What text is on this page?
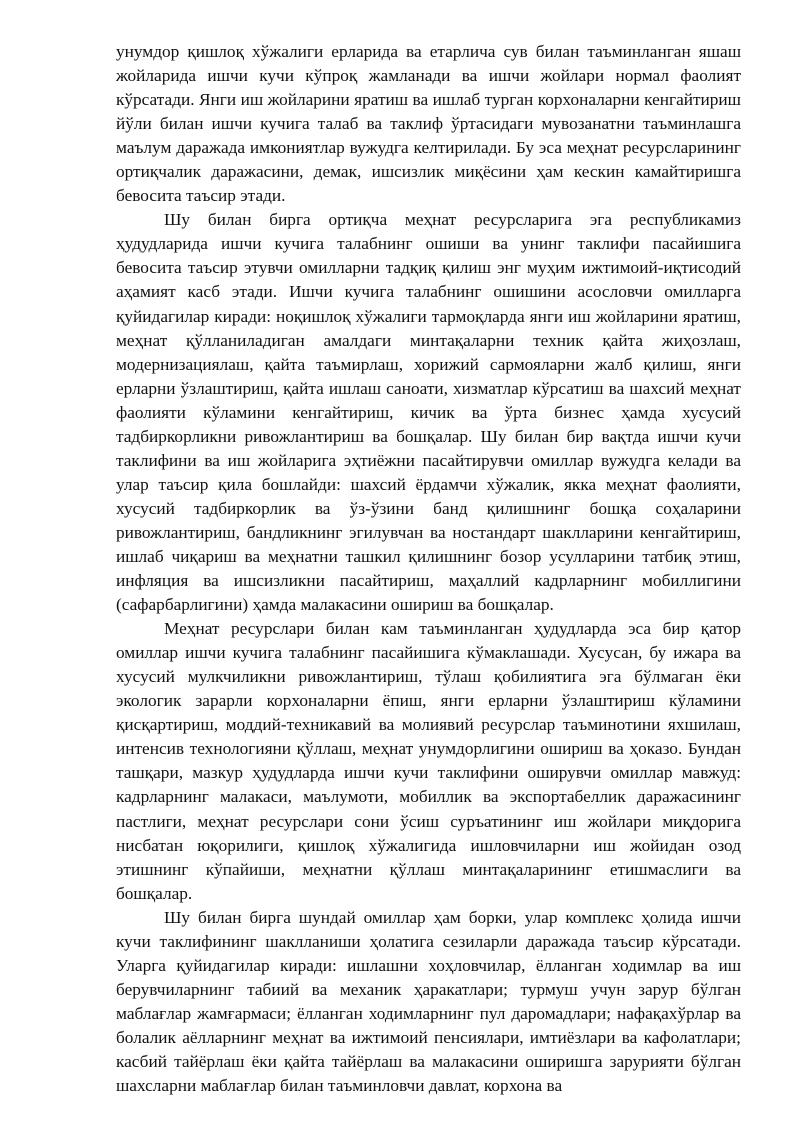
унумдор қишлоқ хўжалиги ерларида ва етарлича сув билан таъминланган яшаш жойларида ишчи кучи кўпроқ жамланади ва ишчи жойлари нормал фаолият кўрсатади. Янги иш жойларини яратиш ва ишлаб турган корхоналарни кенгайтириш йўли билан ишчи кучига талаб ва таклиф ўртасидаги мувозанатни таъминлашга маълум даражада имкониятлар вужудга келтирилади. Бу эса меҳнат ресурсларининг ортиқчалик даражасини, демак, ишсизлик миқёсини ҳам кескин камайтиришга бевосита таъсир этади.

Шу билан бирга ортиқча меҳнат ресурсларига эга республикамиз ҳудудларида ишчи кучига талабнинг ошиши ва унинг таклифи пасайишига бевосита таъсир этувчи омилларни тадқиқ қилиш энг муҳим ижтимоий-иқтисодий аҳамият касб этади. Ишчи кучига талабнинг ошишини асословчи омилларга қуйидагилар киради: ноқишлоқ хўжалиги тармоқларда янги иш жойларини яратиш, меҳнат қўлланиладиган амалдаги минтақаларни техник қайта жиҳозлаш, модернизациялаш, қайта таъмирлаш, хорижий сармояларни жалб қилиш, янги ерларни ўзлаштириш, қайта ишлаш саноати, хизматлар кўрсатиш ва шахсий меҳнат фаолияти кўламини кенгайтириш, кичик ва ўрта бизнес ҳамда хусусий тадбиркорликни ривожлантириш ва бошқалар. Шу билан бир вақтда ишчи кучи таклифини ва иш жойларига эҳтиёжни пасайтирувчи омиллар вужудга келади ва улар таъсир қила бошлайди: шахсий ёрдамчи хўжалик, якка меҳнат фаолияти, хусусий тадбиркорлик ва ўз-ўзини банд қилишнинг бошқа соҳаларини ривожлантириш, бандликнинг эгилувчан ва ностандарт шаклларини кенгайтириш, ишлаб чиқариш ва меҳнатни ташкил қилишнинг бозор усулларини татбиқ этиш, инфляция ва ишсизликни пасайтириш, маҳаллий кадрларнинг мобиллигини (сафарбарлигини) ҳамда малакасини ошириш ва бошқалар.

Меҳнат ресурслари билан кам таъминланган ҳудудларда эса бир қатор омиллар ишчи кучига талабнинг пасайишига кўмаклашади. Хусусан, бу ижара ва хусусий мулкчиликни ривожлантириш, тўлаш қобилиятига эга бўлмаган ёки экологик зарарли корхоналарни ёпиш, янги ерларни ўзлаштириш кўламини қисқартириш, моддий-техникавий ва молиявий ресурслар таъминотини яхшилаш, интенсив технологияни қўллаш, меҳнат унумдорлигини ошириш ва ҳоказо. Бундан ташқари, мазкур ҳудудларда ишчи кучи таклифини оширувчи омиллар мавжуд: кадрларнинг малакаси, маълумоти, мобиллик ва экспортабеллик даражасининг пастлиги, меҳнат ресурслари сони ўсиш суръатининг иш жойлари миқдорига нисбатан юқорилиги, қишлоқ хўжалигида ишловчиларни иш жойидан озод этишнинг кўпайиши, меҳнатни қўллаш минтақаларининг етишмаслиги ва бошқалар.

Шу билан бирга шундай омиллар ҳам борки, улар комплекс ҳолида ишчи кучи таклифининг шаклланиши ҳолатига сезиларли даражада таъсир кўрсатади. Уларга қуйидагилар киради: ишлашни хоҳловчилар, ёлланган ходимлар ва иш берувчиларнинг табиий ва механик ҳаракатлари; турмуш учун зарур бўлган маблағлар жамғармаси; ёлланган ходимларнинг пул даромадлари; нафақахўрлар ва болалик аёлларнинг меҳнат ва ижтимоий пенсиялари, имтиёзлари ва кафолатлари; касбий тайёрлаш ёки қайта тайёрлаш ва малакасини оширишга зарурияти бўлган шахсларни маблағлар билан таъминловчи давлат, корхона ва
